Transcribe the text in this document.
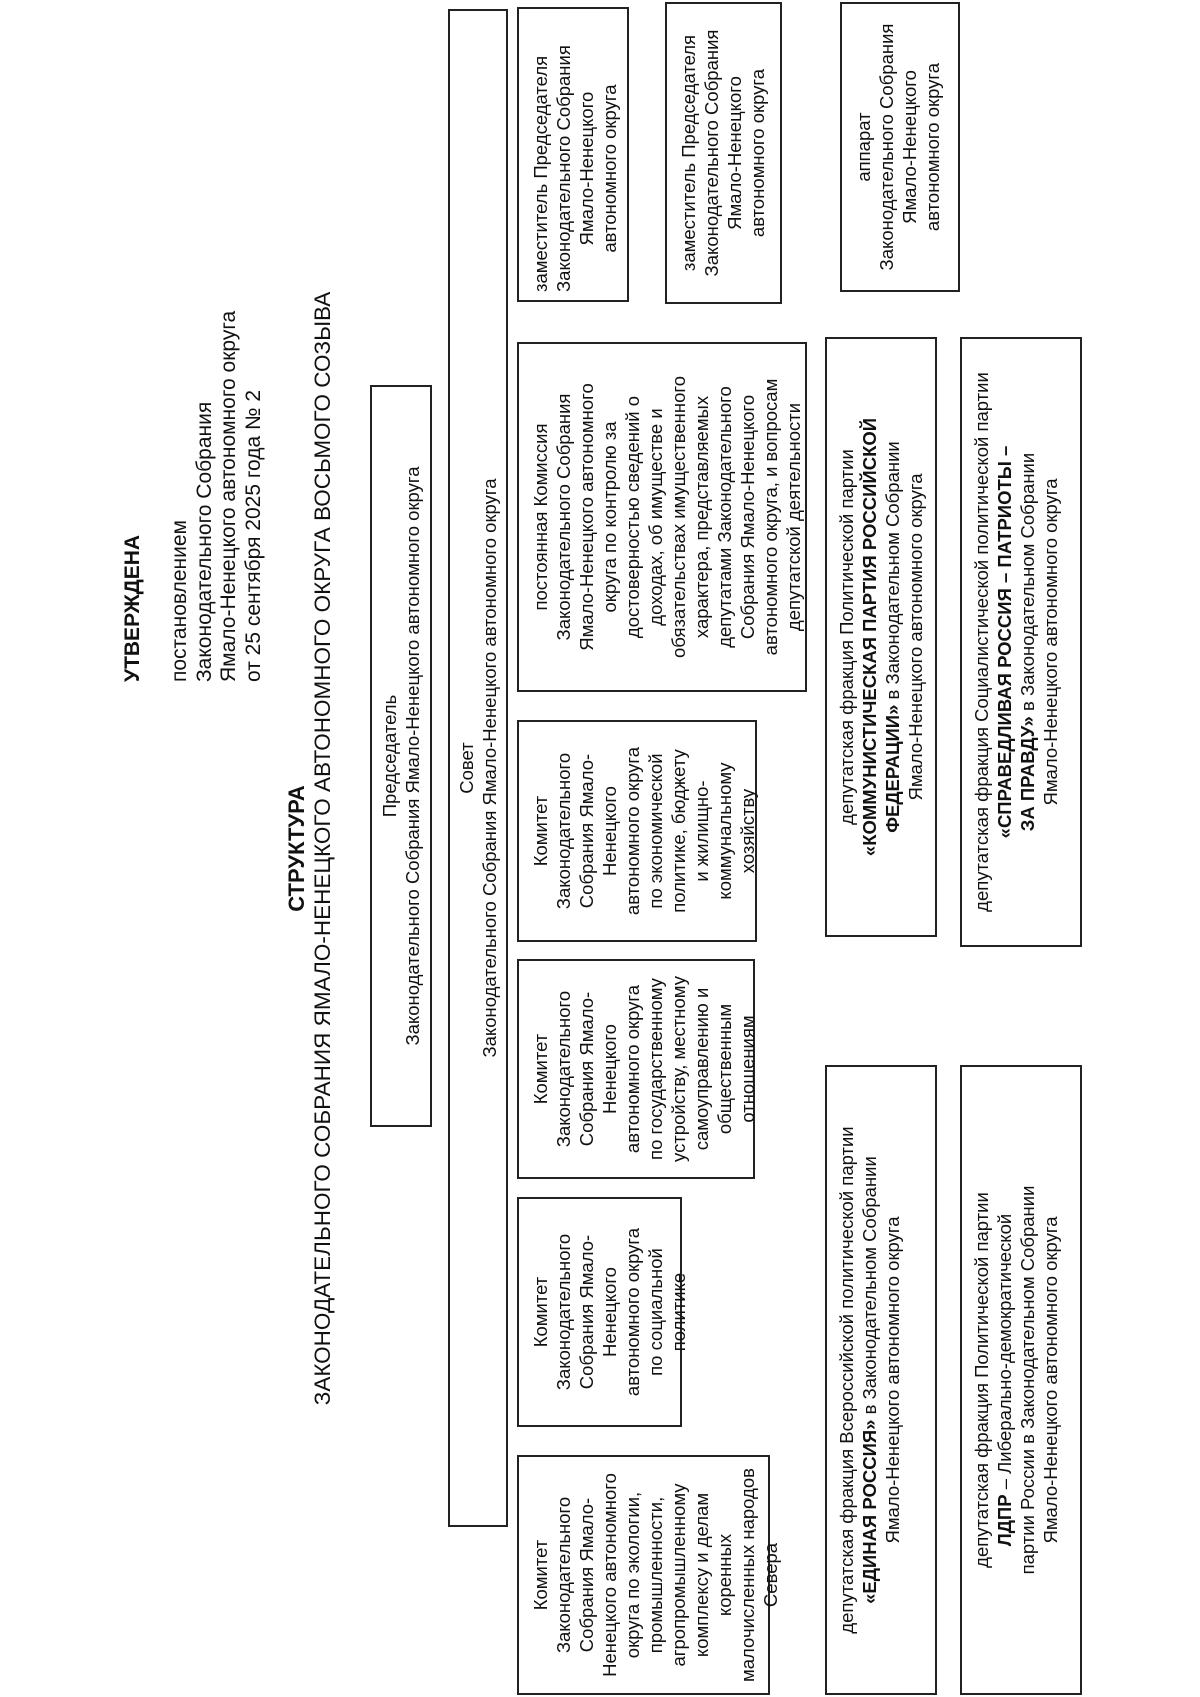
УТВЕРЖДЕНА постановлением Законодательного Собрания Ямало-Ненецкого автономного округа от 25 сентября 2025 года № 2
СТРУКТУРА ЗАКОНОДАТЕЛЬНОГО СОБРАНИЯ ЯМАЛО-НЕНЕЦКОГО АВТОНОМНОГО ОКРУГА ВОСЬМОГО СОЗЫВА Председатель Законодательного Собрания Ямало-Ненецкого автономного округа Совет Законодательного Собрания Ямало-Ненецкого автономного округа
Комитет Законодательного Собрания Ямало- Ненецкого автономного округа по экологии, промышленности, агропромышленному комплексу и делам коренных малочисленных народов Севера
Комитет Законодательного Собрания Ямало- Ненецкого автономного округа по социальной политике
Комитет Законодательного Собрания Ямало- Ненецкого автономного округа по государственному устройству, местному самоуправлению и общественным отношениям
Комитет Законодательного Собрания Ямало- Ненецкого автономного округа по экономической политике, бюджету и жилищно- коммунальному хозяйству
постоянная Комиссия Законодательного Собрания Ямало-Ненецкого автономного округа по контролю за достоверностью сведений о доходах, об имуществе и обязательствах имущественного характера, представляемых депутатами Законодательного Собрания Ямало-Ненецкого автономного округа, и вопросам депутатской деятельности
заместитель Председателя Законодательного Собрания Ямало-Ненецкого автономного округа	заместитель Председателя Законодательного Собрания Ямало-Ненецкого автономного округа	аппарат Законодательного Собрания Ямало-Ненецкого автономного округа
депутатская фракция Всероссийской политической партии «ЕДИНАЯ РОССИЯ» в Законодательном Собрании Ямало-Ненецкого автономного округа
депутатская фракция Политической партии «КОММУНИСТИЧЕСКАЯ ПАРТИЯ РОССИЙСКОЙ ФЕДЕРАЦИИ» в Законодательном Собрании Ямало-Ненецкого автономного округа
депутатская фракция Политической партии ЛДПР – Либерально-демократической партии России в Законодательном Собрании Ямало-Ненецкого автономного округа
депутатская фракция Социалистической политической партии «СПРАВЕДЛИВАЯ РОССИЯ – ПАТРИОТЫ – ЗА ПРАВДУ» в Законодательном Собрании Ямало-Ненецкого автономного округа
